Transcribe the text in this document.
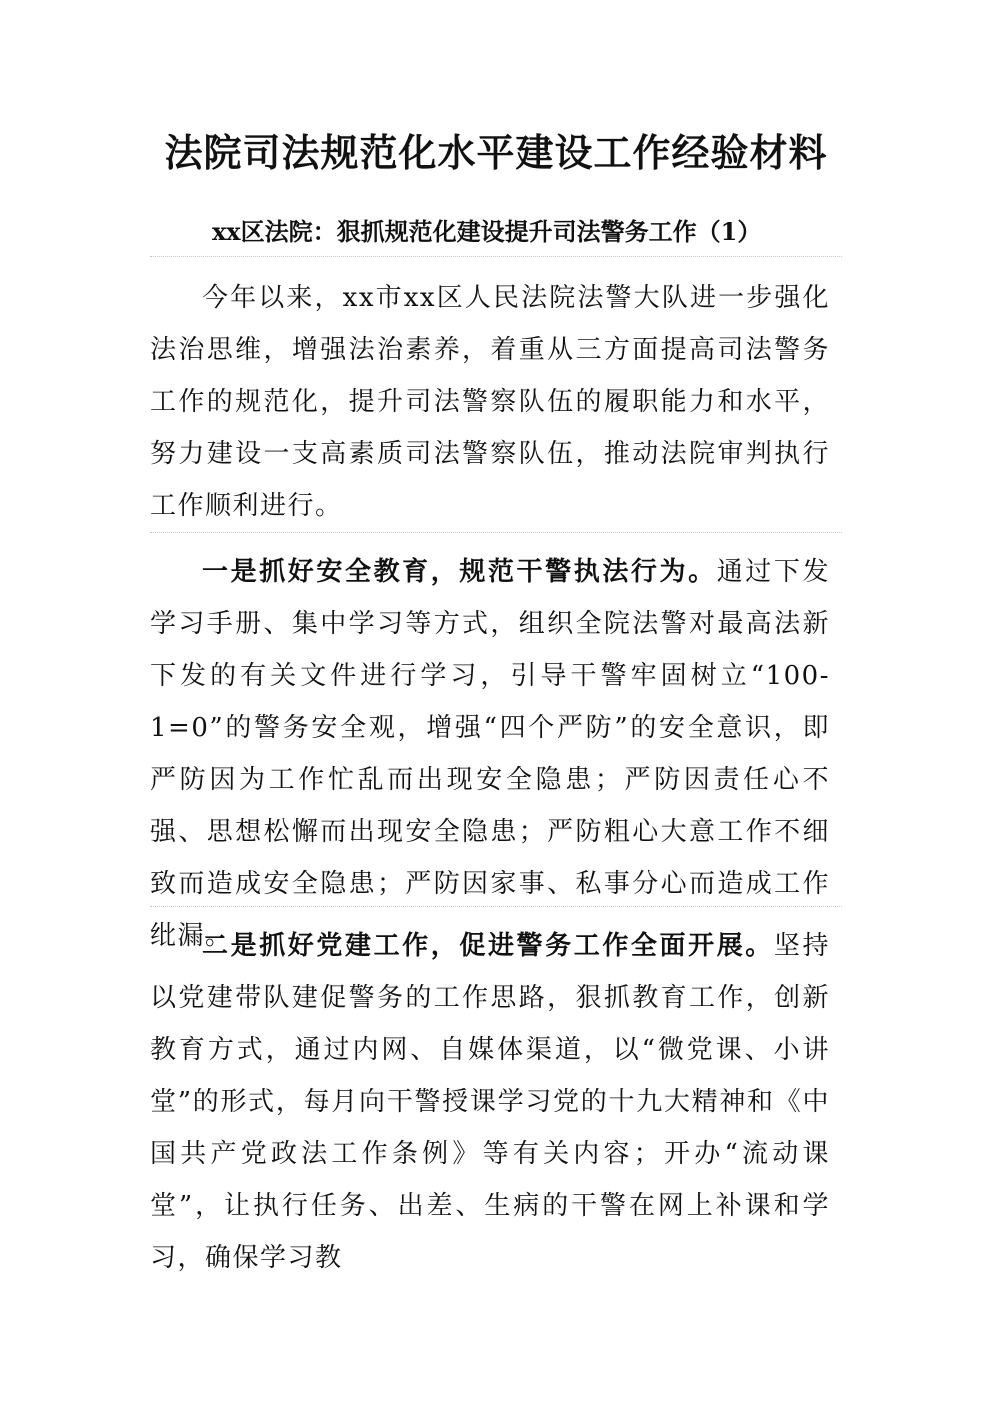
法院司法规范化水平建设工作经验材料
xx区法院：狠抓规范化建设提升司法警务工作（1）

今年以来，xx市xx区人民法院法警大队进一步强化法治思维，增强法治素养，着重从三方面提高司法警务工作的规范化，提升司法警察队伍的履职能力和水平，努力建设一支高素质司法警察队伍，推动法院审判执行工作顺利进行。

一是抓好安全教育，规范干警执法行为。通过下发学习手册、集中学习等方式，组织全院法警对最高法新下发的有关文件进行学习，引导干警牢固树立“100-1=0”的警务安全观，增强“四个严防”的安全意识，即严防因为工作忙乱而出现安全隐患；严防因责任心不强、思想松懈而出现安全隐患；严防粗心大意工作不细致而造成安全隐患；严防因家事、私事分心而造成工作纰漏。

二是抓好党建工作，促进警务工作全面开展。坚持以党建带队建促警务的工作思路，狠抓教育工作，创新教育方式，通过内网、自媒体渠道，以“微党课、小讲堂”的形式，每月向干警授课学习党的十九大精神和《中国共产党政法工作条例》等有关内容；开办“流动课堂”，让执行任务、出差、生病的干警在网上补课和学习，确保学习教
